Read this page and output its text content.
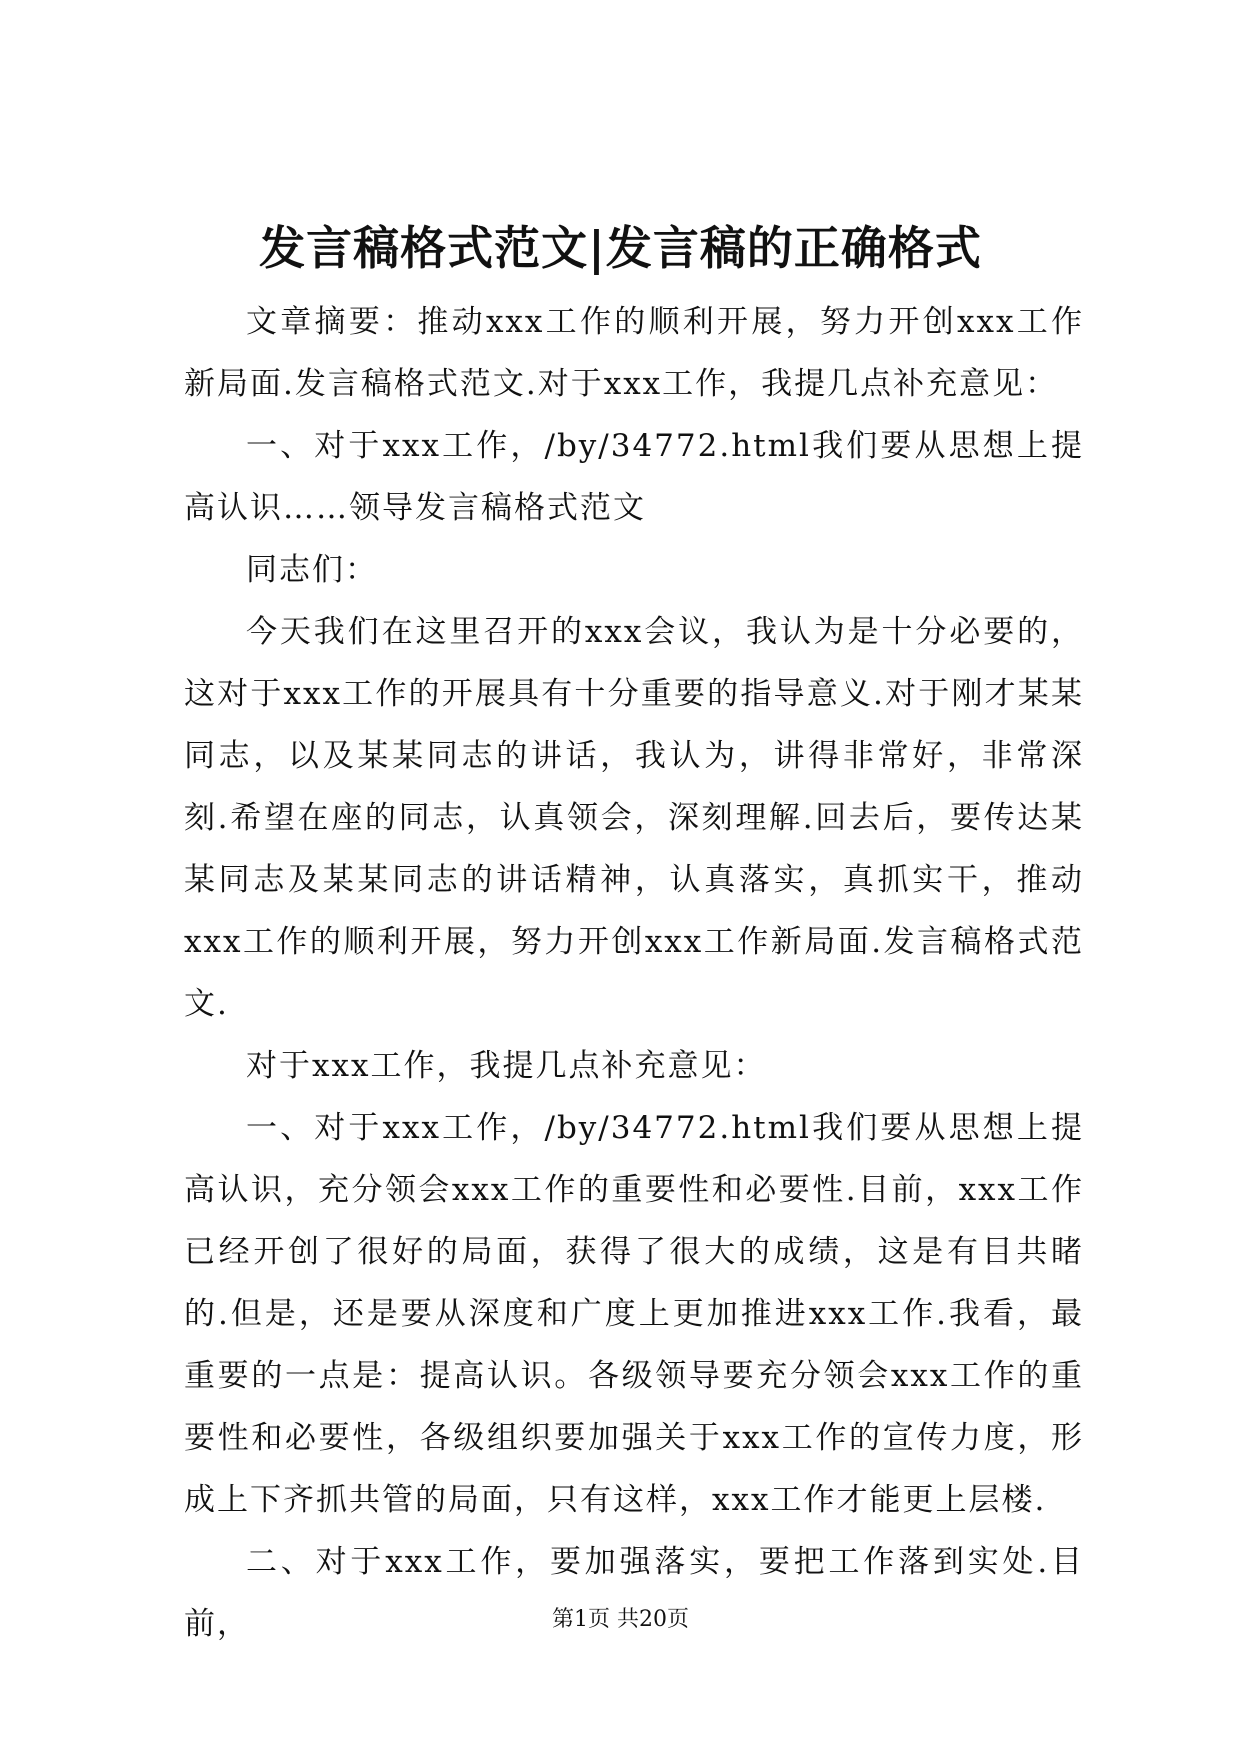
发言稿格式范文|发言稿的正确格式

文章摘要：推动xxx工作的顺利开展，努力开创xxx工作新局面.发言稿格式范文.对于xxx工作，我提几点补充意见：

一、对于xxx工作，/by/34772.html我们要从思想上提高认识……领导发言稿格式范文

同志们：

今天我们在这里召开的xxx会议，我认为是十分必要的，这对于xxx工作的开展具有十分重要的指导意义.对于刚才某某同志，以及某某同志的讲话，我认为，讲得非常好，非常深刻.希望在座的同志，认真领会，深刻理解.回去后，要传达某某同志及某某同志的讲话精神，认真落实，真抓实干，推动xxx工作的顺利开展，努力开创xxx工作新局面.发言稿格式范文.

对于xxx工作，我提几点补充意见：

一、对于xxx工作，/by/34772.html我们要从思想上提高认识，充分领会xxx工作的重要性和必要性.目前，xxx工作已经开创了很好的局面，获得了很大的成绩，这是有目共睹的.但是，还是要从深度和广度上更加推进xxx工作.我看，最重要的一点是：提高认识。各级领导要充分领会xxx工作的重要性和必要性，各级组织要加强关于xxx工作的宣传力度，形成上下齐抓共管的局面，只有这样，xxx工作才能更上层楼.

二、对于xxx工作，要加强落实，要把工作落到实处.目前，	第1页 共20页
